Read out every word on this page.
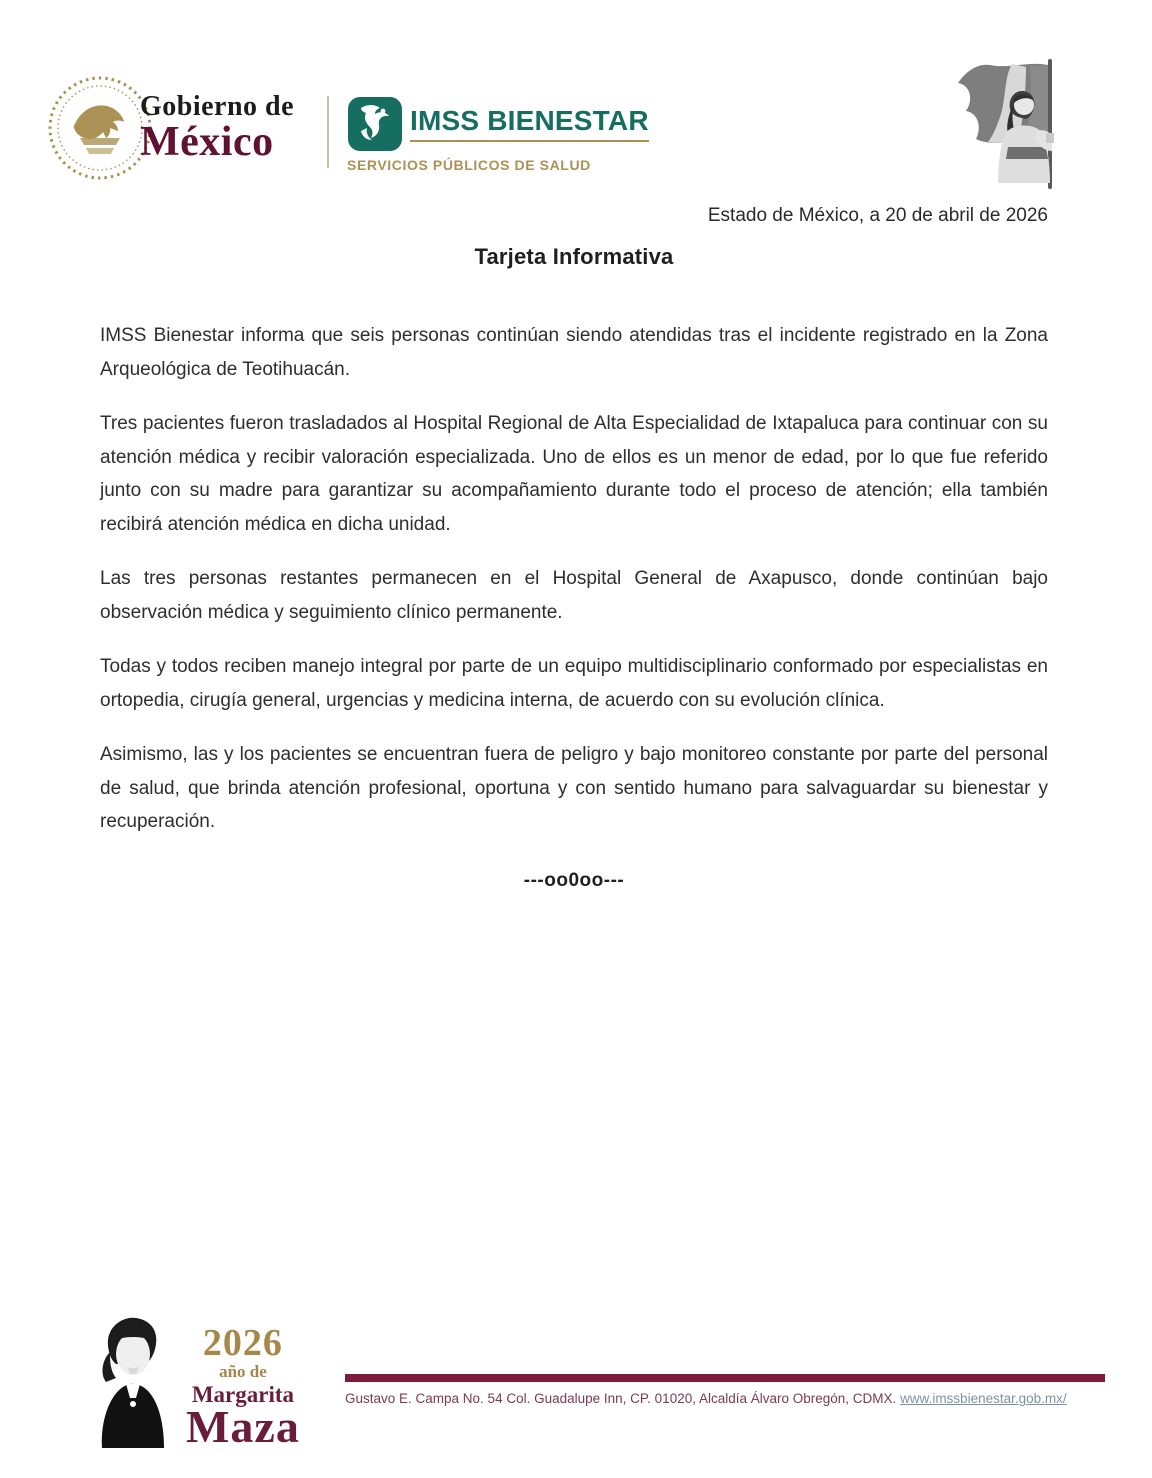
Gobierno de
México	IMSS BIENESTAR
SERVICIOS PÚBLICOS DE SALUD
Estado de México, a 20 de abril de 2026
Tarjeta Informativa

IMSS Bienestar informa que seis personas continúan siendo atendidas tras el incidente registrado en la Zona Arqueológica de Teotihuacán.

Tres pacientes fueron trasladados al Hospital Regional de Alta Especialidad de Ixtapaluca para continuar con su atención médica y recibir valoración especializada. Uno de ellos es un menor de edad, por lo que fue referido junto con su madre para garantizar su acompañamiento durante todo el proceso de atención; ella también recibirá atención médica en dicha unidad.

Las tres personas restantes permanecen en el Hospital General de Axapusco, donde continúan bajo observación médica y seguimiento clínico permanente.

Todas y todos reciben manejo integral por parte de un equipo multidisciplinario conformado por especialistas en ortopedia, cirugía general, urgencias y medicina interna, de acuerdo con su evolución clínica.

Asimismo, las y los pacientes se encuentran fuera de peligro y bajo monitoreo constante por parte del personal de salud, que brinda atención profesional, oportuna y con sentido humano para salvaguardar su bienestar y recuperación.

---oo0oo---
2026
año de
Margarita
Maza
Gustavo E. Campa No. 54 Col. Guadalupe Inn, CP. 01020, Alcaldía Álvaro Obregón, CDMX. www.imssbienestar.gob.mx/
